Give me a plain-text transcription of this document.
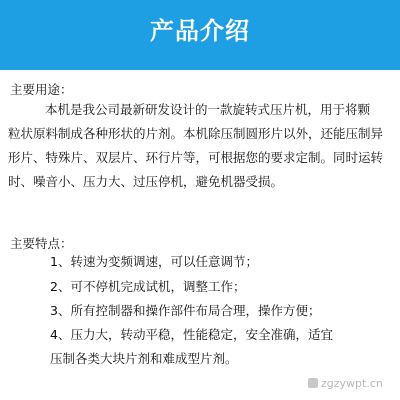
产品介绍
主要用途：
本机是我公司最新研发设计的一款旋转式压片机，用于将颗
粒状原料制成各种形状的片剂。本机除压制圆形片以外，还能压制异
形片、特殊片、双层片、环行片等，可根据您的要求定制。同时运转
时、噪音小、压力大、过压停机，避免机器受损。
主要特点：
1、转速为变频调速，可以任意调节；
2、可不停机完成试机，调整工作；
3、所有控制器和操作部件布局合理，操作方便；
4、压力大，转动平稳，性能稳定，安全准确，适宜
压制各类大块片剂和难成型片剂。
zgzywpt.cn
